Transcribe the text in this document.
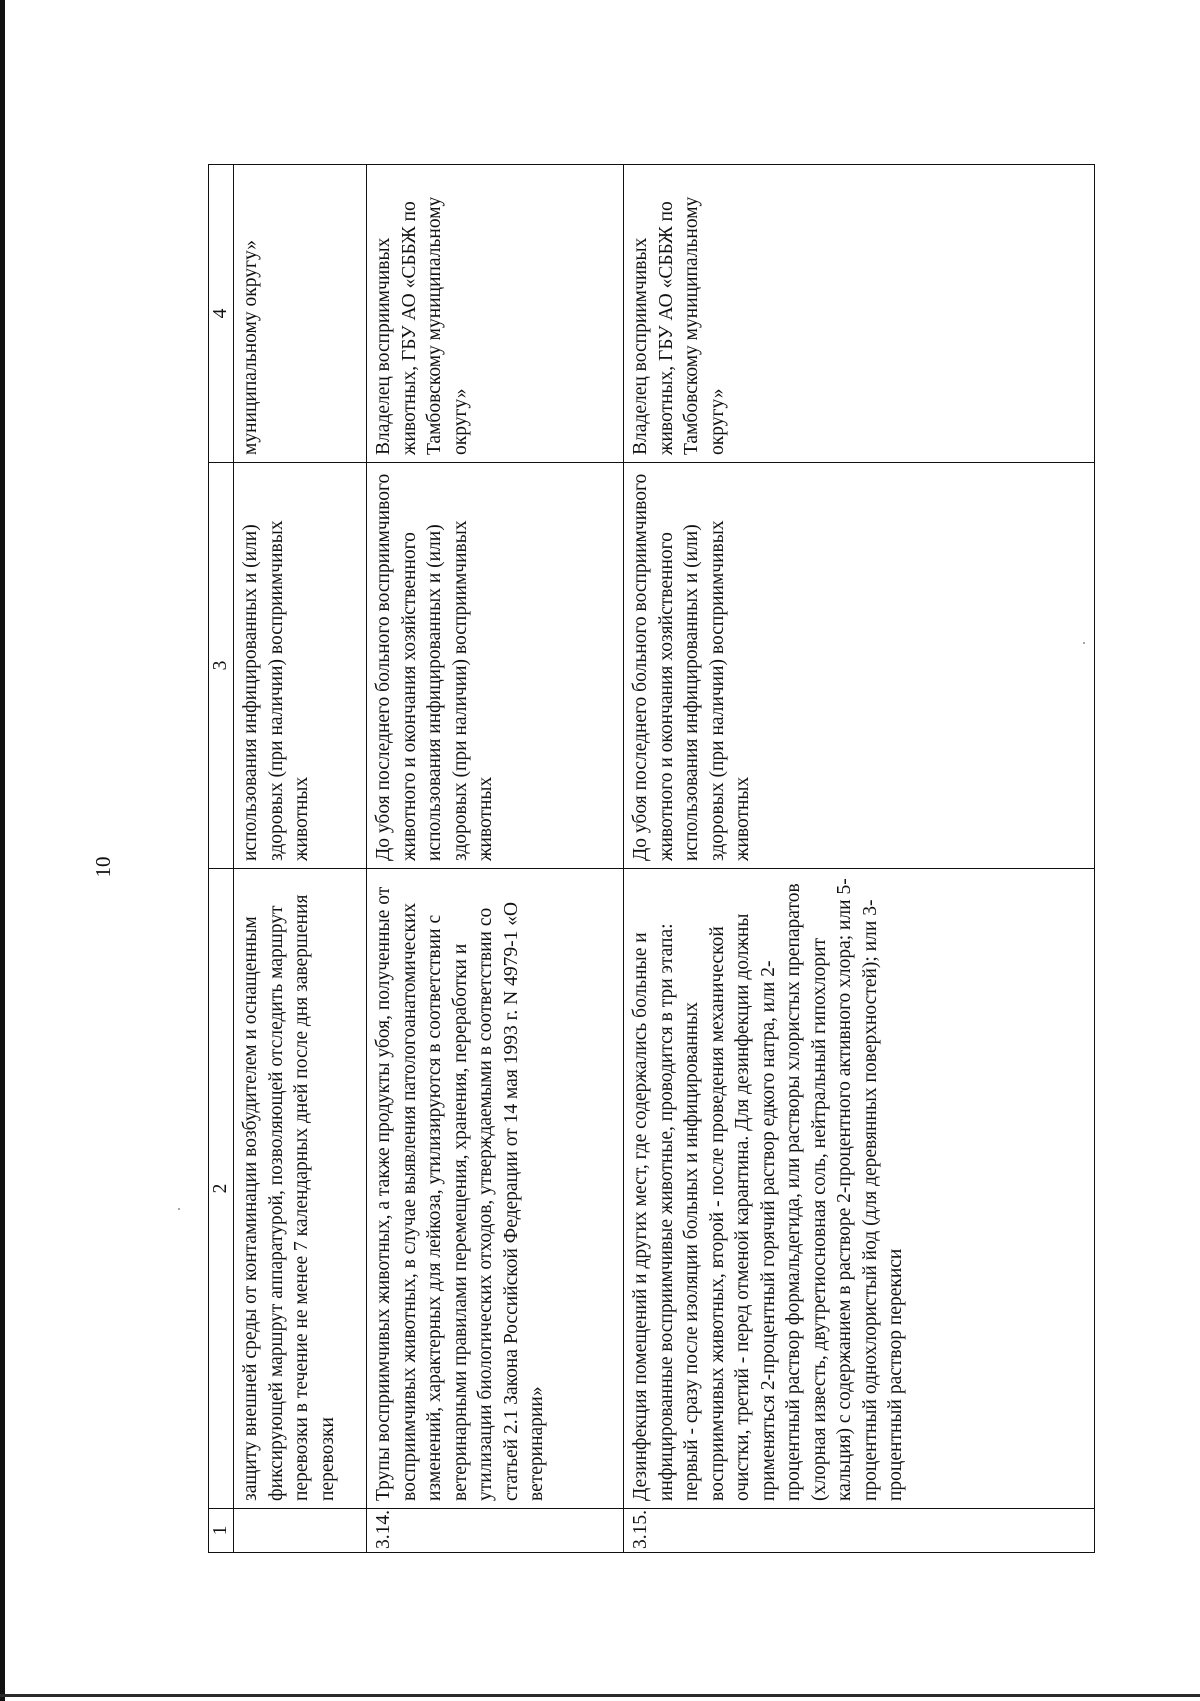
10
1	2	3	4
	защиту внешней среды от контаминации возбудителем и оснащенным фиксирующей маршрут аппаратурой, позволяющей отследить маршрут перевозки в течение не менее 7 календарных дней после дня завершения перевозки	использования инфицированных и (или) здоровых (при наличии) восприимчивых животных	муниципальному округу»
3.14.	Трупы восприимчивых животных, а также продукты убоя, полученные от восприимчивых животных, в случае выявления патологоанатомических изменений, характерных для лейкоза, утилизируются в соответствии с ветеринарными правилами перемещения, хранения, переработки и утилизации биологических отходов, утверждаемыми в соответствии со статьей 2.1 Закона Российской Федерации от 14 мая 1993 г. N 4979-1 «О ветеринарии»	До убоя последнего больного восприимчивого животного и окончания хозяйственного использования инфицированных и (или) здоровых (при наличии) восприимчивых животных	Владелец восприимчивых животных, ГБУ АО «СББЖ по Тамбовскому муниципальному округу»
3.15.	Дезинфекция помещений и других мест, где содержались больные и инфицированные восприимчивые животные, проводится в три этапа: первый - сразу после изоляции больных и инфицированных восприимчивых животных, второй - после проведения механической очистки, третий - перед отменой карантина. Для дезинфекции должны применяться 2-процентный горячий раствор едкого натра, или 2-процентный раствор формальдегида, или растворы хлористых препаратов (хлорная известь, двутретиосновная соль, нейтральный гипохлорит кальция) с содержанием в растворе 2-процентного активного хлора; или 5-процентный однохлористый йод (для деревянных поверхностей); или 3-процентный раствор перекиси	До убоя последнего больного восприимчивого животного и окончания хозяйственного использования инфицированных и (или) здоровых (при наличии) восприимчивых животных	Владелец восприимчивых животных, ГБУ АО «СББЖ по Тамбовскому муниципальному округу»
